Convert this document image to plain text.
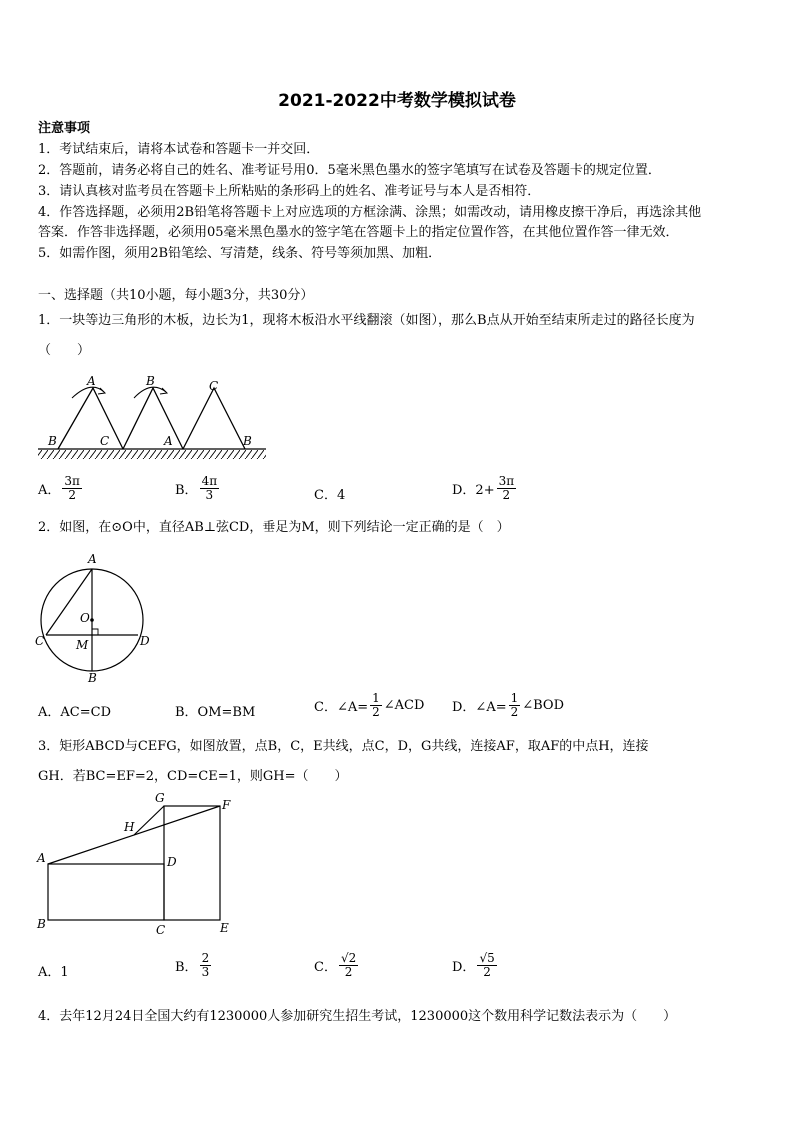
2021-2022中考数学模拟试卷
注意事项
1．考试结束后，请将本试卷和答题卡一并交回．
2．答题前，请务必将自己的姓名、准考证号用0．5毫米黑色墨水的签字笔填写在试卷及答题卡的规定位置．
3．请认真核对监考员在答题卡上所粘贴的条形码上的姓名、准考证号与本人是否相符．
4．作答选择题，必须用2B铅笔将答题卡上对应选项的方框涂满、涂黑；如需改动，请用橡皮擦干净后，再选涂其他
答案．作答非选择题，必须用05毫米黑色墨水的签字笔在答题卡上的指定位置作答，在其他位置作答一律无效．
5．如需作图，须用2B铅笔绘、写清楚，线条、符号等须加黑、加粗．
一、选择题（共10小题，每小题3分，共30分）
1．一块等边三角形的木板，边长为1，现将木板沿水平线翻滚（如图），那么B点从开始至结束所走过的路径长度为
（　　）
A
B	C
B	C
A	B
A． $\frac{3\pi}{2}$	B． $\frac{4\pi}{3}$	C．4	D．$2+ \frac{3\pi}{2}$
2．如图，在⊙O中，直径AB⊥弦CD，垂足为M，则下列结论一定正确的是（　）
A
O
C	M	D
B
A．AC=CD	B．OM=BM	C．∠A= $\frac{1}{2}$ ∠ACD D．∠A= $\frac{1}{2}$ ∠BOD
3．矩形ABCD与CEFG，如图放置，点B，C，E共线，点C，D，G共线，连接AF，取AF的中点H，连接
GH．若BC=EF=2，CD=CE=1，则GH=（　　）
G	F
H
A	D
B	C	E
A．1	B． $\frac{2}{3}$	C． $\frac{√2}{2}$	D． $\frac{√5}{2}$
4．去年12月24日全国大约有1230000人参加研究生招生考试，1230000这个数用科学记数法表示为（　　）
